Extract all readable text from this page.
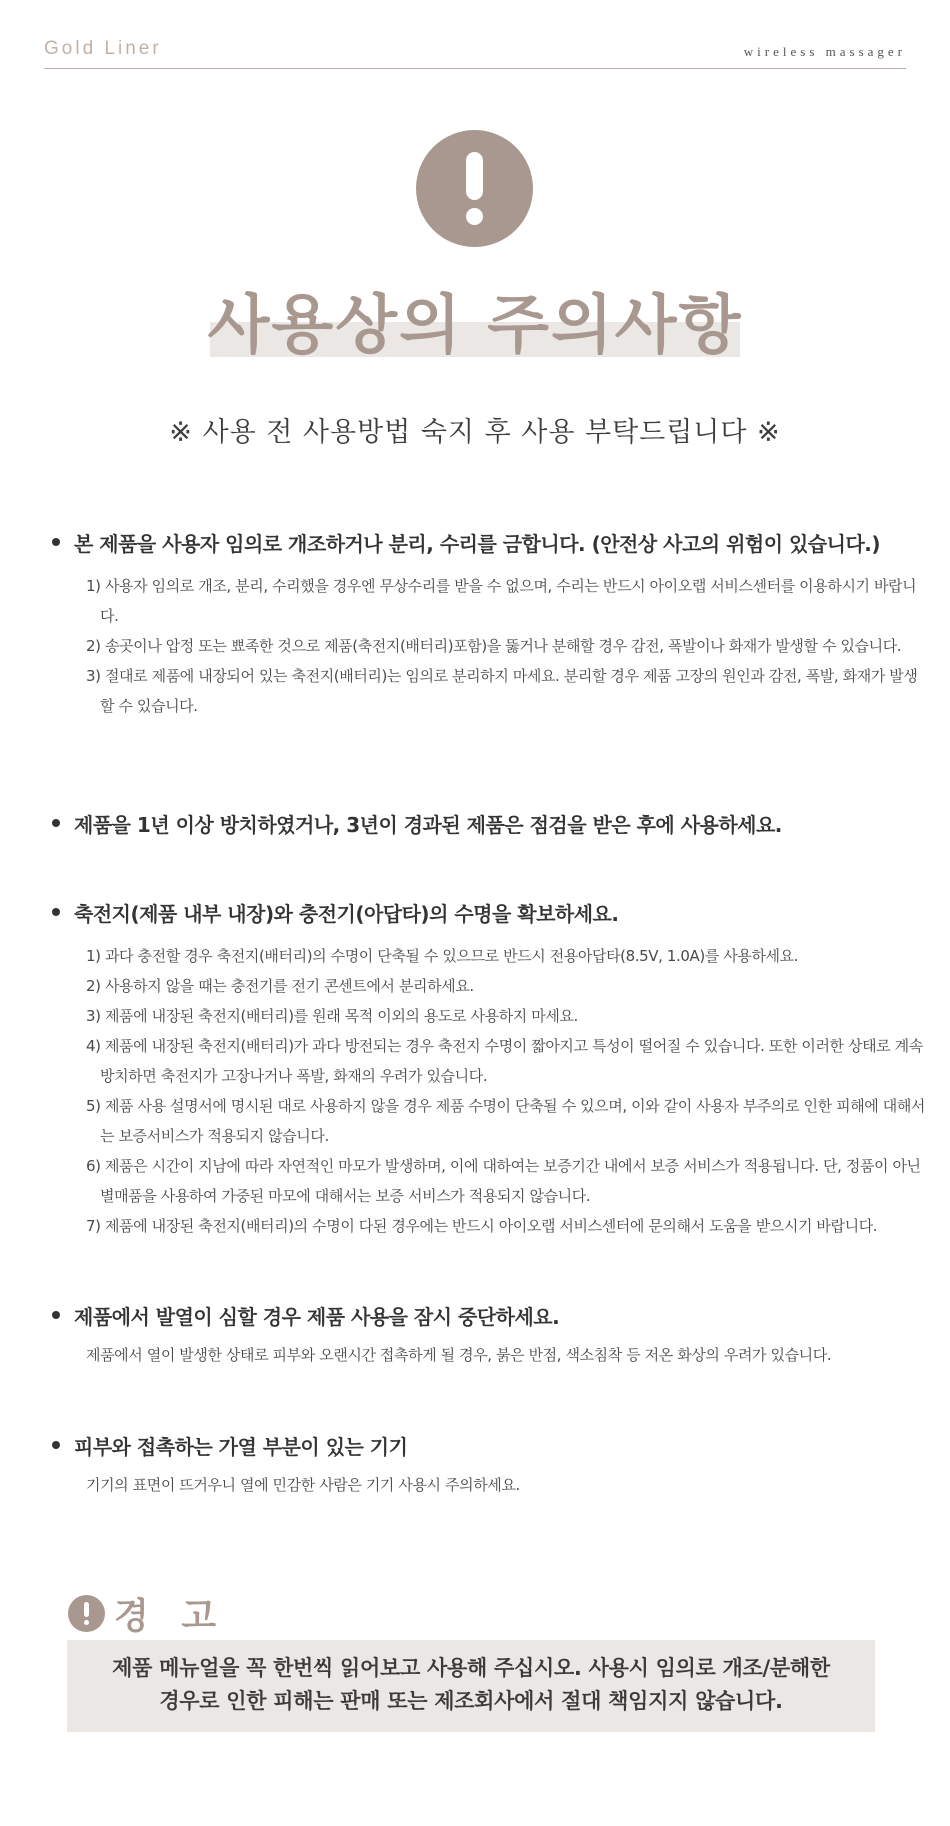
Gold Liner	wireless massager
사용상의 주의사항
※ 사용 전 사용방법 숙지 후 사용 부탁드립니다 ※
본 제품을 사용자 임의로 개조하거나 분리, 수리를 금합니다. (안전상 사고의 위험이 있습니다.)
1) 사용자 임의로 개조, 분리, 수리했을 경우엔 무상수리를 받을 수 없으며, 수리는 반드시 아이오랩 서비스센터를 이용하시기 바랍니다.
2) 송곳이나 압정 또는 뾰족한 것으로 제품(축전지(배터리)포함)을 뚫거나 분해할 경우 감전, 폭발이나 화재가 발생할 수 있습니다.
3) 절대로 제품에 내장되어 있는 축전지(배터리)는 임의로 분리하지 마세요. 분리할 경우 제품 고장의 원인과 감전, 폭발, 화재가 발생할 수 있습니다.
제품을 1년 이상 방치하였거나, 3년이 경과된 제품은 점검을 받은 후에 사용하세요.
축전지(제품 내부 내장)와 충전기(아답타)의 수명을 확보하세요.
1) 과다 충전할 경우 축전지(배터리)의 수명이 단축될 수 있으므로 반드시 전용아답타(8.5V, 1.0A)를 사용하세요.
2) 사용하지 않을 때는 충전기를 전기 콘센트에서 분리하세요.
3) 제품에 내장된 축전지(배터리)를 원래 목적 이외의 용도로 사용하지 마세요.
4) 제품에 내장된 축전지(배터리)가 과다 방전되는 경우 축전지 수명이 짧아지고 특성이 떨어질 수 있습니다. 또한 이러한 상태로 계속 방치하면 축전지가 고장나거나 폭발, 화재의 우려가 있습니다.
5) 제품 사용 설명서에 명시된 대로 사용하지 않을 경우 제품 수명이 단축될 수 있으며, 이와 같이 사용자 부주의로 인한 피해에 대해서는 보증서비스가 적용되지 않습니다.
6) 제품은 시간이 지남에 따라 자연적인 마모가 발생하며, 이에 대하여는 보증기간 내에서 보증 서비스가 적용됩니다. 단, 정품이 아닌 별매품을 사용하여 가중된 마모에 대해서는 보증 서비스가 적용되지 않습니다.
7) 제품에 내장된 축전지(배터리)의 수명이 다된 경우에는 반드시 아이오랩 서비스센터에 문의해서 도움을 받으시기 바랍니다.
제품에서 발열이 심할 경우 제품 사용을 잠시 중단하세요.
제품에서 열이 발생한 상태로 피부와 오랜시간 접촉하게 될 경우, 붉은 반점, 색소침착 등 저온 화상의 우려가 있습니다.
피부와 접촉하는 가열 부분이 있는 기기
기기의 표면이 뜨거우니 열에 민감한 사람은 기기 사용시 주의하세요.
경 고
제품 메뉴얼을 꼭 한번씩 읽어보고 사용해 주십시오. 사용시 임의로 개조/분해한
경우로 인한 피해는 판매 또는 제조회사에서 절대 책임지지 않습니다.
